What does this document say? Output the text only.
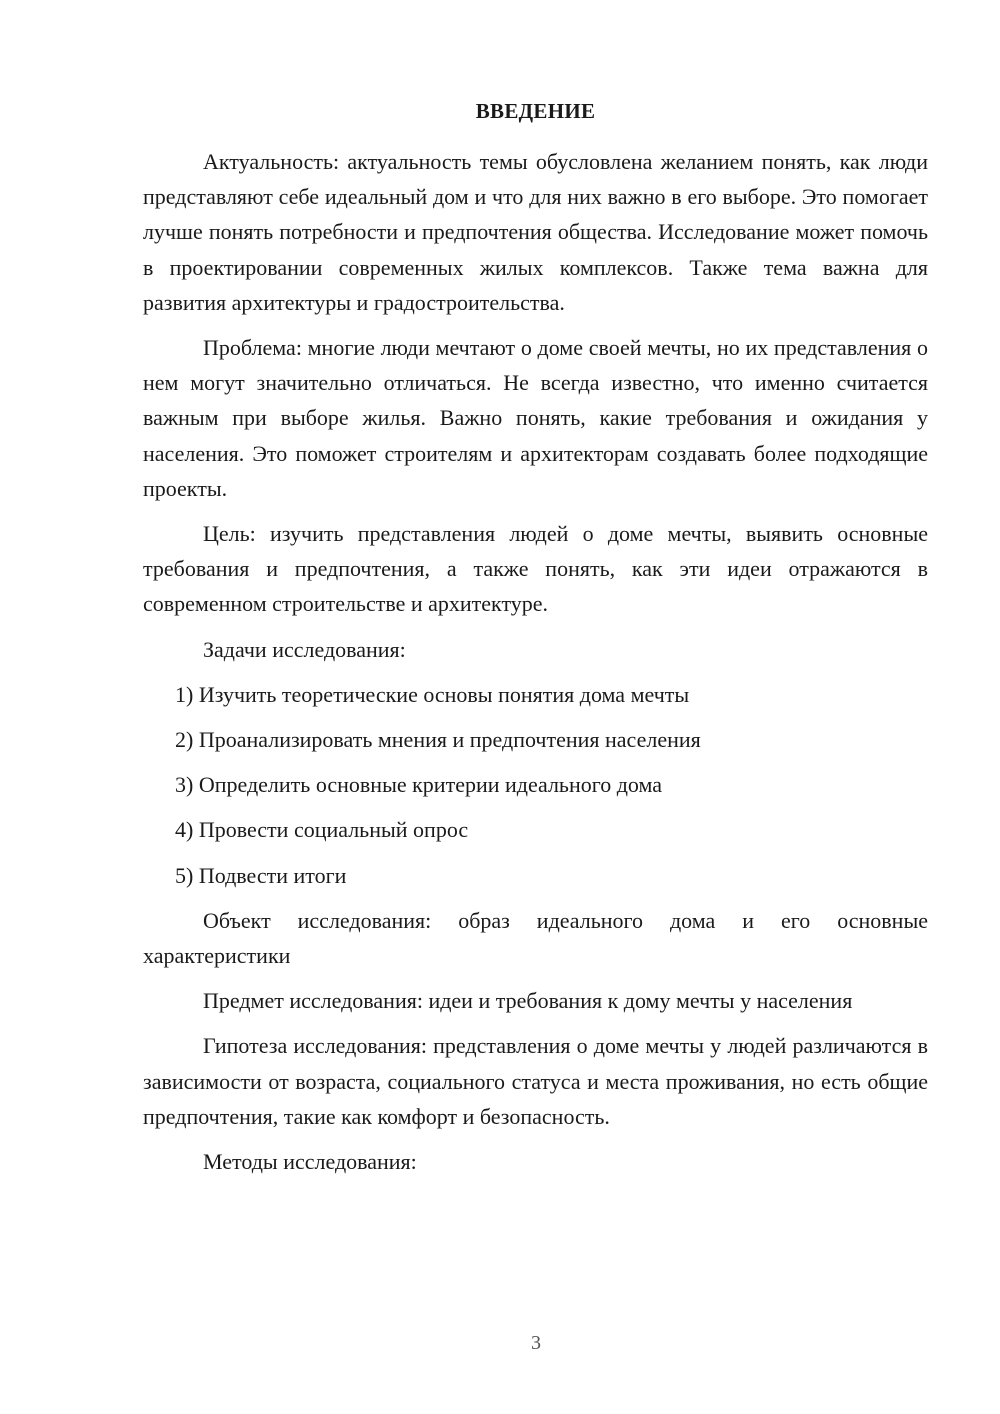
ВВЕДЕНИЕ

Актуальность: актуальность темы обусловлена желанием понять, как люди представляют себе идеальный дом и что для них важно в его выборе. Это помогает лучше понять потребности и предпочтения общества. Исследование может помочь в проектировании современных жилых комплексов. Также тема важна для развития архитектуры и градостроительства.

Проблема: многие люди мечтают о доме своей мечты, но их представления о нем могут значительно отличаться. Не всегда известно, что именно считается важным при выборе жилья. Важно понять, какие требования и ожидания у населения. Это поможет строителям и архитекторам создавать более подходящие проекты.

Цель: изучить представления людей о доме мечты, выявить основные требования и предпочтения, а также понять, как эти идеи отражаются в современном строительстве и архитектуре.

Задачи исследования:

1) Изучить теоретические основы понятия дома мечты
2) Проанализировать мнения и предпочтения населения
3) Определить основные критерии идеального дома
4) Провести социальный опрос
5) Подвести итоги

Объект исследования: образ идеального дома и его основные характеристики

Предмет исследования: идеи и требования к дому мечты у населения

Гипотеза исследования: представления о доме мечты у людей различаются в зависимости от возраста, социального статуса и места проживания, но есть общие предпочтения, такие как комфорт и безопасность.

Методы исследования:

3
